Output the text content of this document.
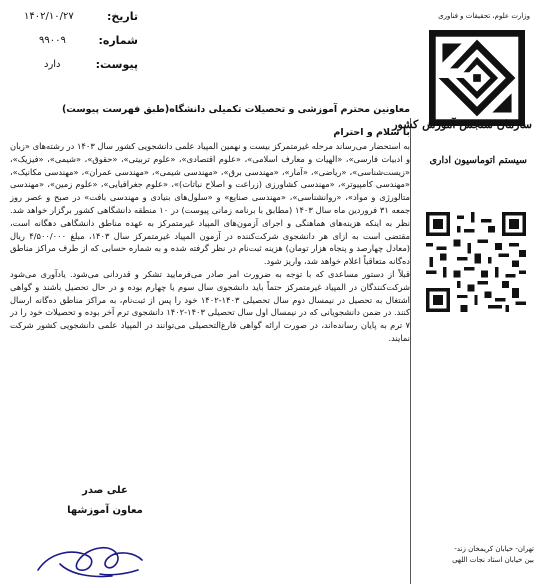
وزارت علوم، تحقیقات و فناوری
سازمان سنجش آموزش کشور
سیستم اتوماسیون اداری
تهران- خیابان کریمخان زند-
بین خیابان استاد نجات اللهی
تاریخ:
شماره:
پیوست:
۱۴۰۲/۱۰/۲۷
۹۹۰۰۹
دارد
معاونین محترم آموزشی و تحصیلات تکمیلی دانشگاه(طبق فهرست پیوست)
با سلام و احترام

به استحضار می‌رساند مرحله غیرمتمرکز بیست و نهمین المپیاد علمی دانشجویی کشور سال ۱۴۰۳ در رشته‌های «زبان و ادبیات فارسی»، «الهیات و معارف اسلامی»، «علوم اقتصادی»، «علوم تربیتی»، «حقوق»، «شیمی»، «فیزیک»، «زیست‌شناسی»، «ریاضی»، «آمار»، «مهندسی برق»، «مهندسی شیمی»، «مهندسی عمران»، «مهندسی مکانیک»، «مهندسی کامپیوتر»، «مهندسی کشاورزی (زراعت و اصلاح نباتات)»، «علوم جغرافیایی»، «علوم زمین»، «مهندسی متالورژی و مواد»، «روانشناسی»، «مهندسی صنایع» و «سلول‌های بنیادی و مهندسی بافت» در صبح و عصر روز جمعه ۳۱ فروردین ماه سال ۱۴۰۳ (مطابق با برنامه زمانی پیوست) در ۱۰ منطقه دانشگاهی کشور برگزار خواهد شد. نظر به اینکه هزینه‌های هماهنگی و اجرای آزمون‌های المپیاد غیرمتمرکز به عهده مناطق دانشگاهی دهگانه است، مقتضی است به ازای هر دانشجوی شرکت‌کننده در آزمون المپیاد غیرمتمرکز سال ۱۴۰۳، مبلغ ۴/۵۰۰/۰۰۰ ریال (معادل چهارصد و پنجاه هزار تومان) هزینه ثبت‌نام در نظر گرفته شده و به شماره حسابی که از طرف مراکز مناطق ده‌گانه متعاقباً اعلام خواهد شد، واریز شود.

قبلاً از دستور مساعدی که با توجه به ضرورت امر صادر می‌فرمایید تشکر و قدردانی می‌شود. یادآوری می‌شود شرکت‌کنندگان در المپیاد غیرمتمرکز حتماً باید دانشجوی سال سوم یا چهارم بوده و در حال تحصیل باشند و گواهی اشتغال به تحصیل در نیمسال دوم سال تحصیلی ۱۴۰۳-۱۴۰۲ خود را پس از ثبت‌نام، به مراکز مناطق ده‌گانه ارسال کنند. در ضمن دانشجویانی که در نیمسال اول سال تحصیلی ۱۴۰۳-۱۴۰۲ دانشجوی ترم آخر بوده و تحصیلات خود را در ۷ ترم به پایان رسانده‌اند، در صورت ارائه گواهی فارغ‌التحصیلی می‌توانند در المپیاد علمی دانشجویی کشور شرکت نمایند.

علی صدر
معاون آموزشها
